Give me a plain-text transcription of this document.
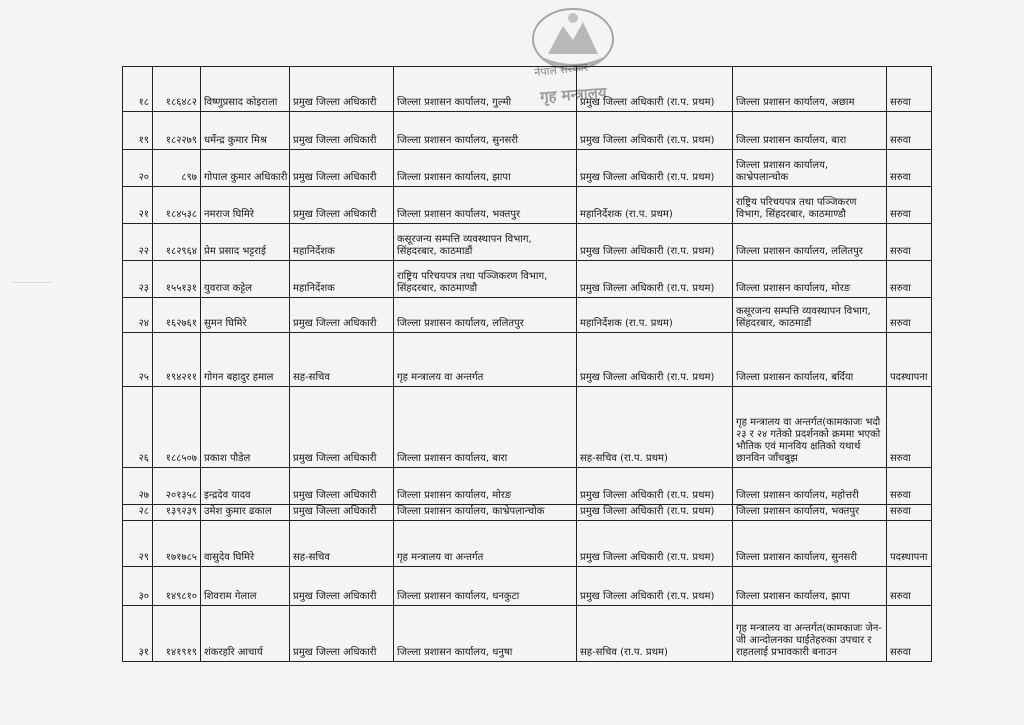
नेपाल सरकार
गृह मन्त्रालय
१८	१८६४८२	विष्णुप्रसाद कोइराला	प्रमुख जिल्ला अधिकारी	जिल्ला प्रशासन कार्यालय, गुल्मी	प्रमुख जिल्ला अधिकारी (रा.प. प्रथम)	जिल्ला प्रशासन कार्यालय, अछाम	सरुवा
१९	१८२२७९	धर्मेन्द्र कुमार मिश्र	प्रमुख जिल्ला अधिकारी	जिल्ला प्रशासन कार्यालय, सुनसरी	प्रमुख जिल्ला अधिकारी (रा.प. प्रथम)	जिल्ला प्रशासन कार्यालय, बारा	सरुवा
२०	८९७	गोपाल कुमार अधिकारी	प्रमुख जिल्ला अधिकारी	जिल्ला प्रशासन कार्यालय, झापा	प्रमुख जिल्ला अधिकारी (रा.प. प्रथम)	जिल्ला प्रशासन कार्यालय, काभ्रेपलान्चोक	सरुवा
२१	१८४५३८	नमराज घिमिरे	प्रमुख जिल्ला अधिकारी	जिल्ला प्रशासन कार्यालय, भक्तपुर	महानिर्देशक (रा.प. प्रथम)	राष्ट्रिय परिचयपत्र तथा पञ्जिकरण विभाग, सिंहदरबार, काठमाण्डौ	सरुवा
२२	१८२९६४	प्रेम प्रसाद भट्टराई	महानिर्देशक	कसूरजन्य सम्पत्ति व्यवस्थापन विभाग, सिंहदरबार, काठमाडौं	प्रमुख जिल्ला अधिकारी (रा.प. प्रथम)	जिल्ला प्रशासन कार्यालय, ललितपुर	सरुवा
२३	१५५१३१	युवराज कट्टेल	महानिर्देशक	राष्ट्रिय परिचयपत्र तथा पञ्जिकरण विभाग, सिंहदरबार, काठमाण्डौ	प्रमुख जिल्ला अधिकारी (रा.प. प्रथम)	जिल्ला प्रशासन कार्यालय, मोरङ	सरुवा
२४	१६२७६१	सुमन घिमिरे	प्रमुख जिल्ला अधिकारी	जिल्ला प्रशासन कार्यालय, ललितपुर	महानिर्देशक (रा.प. प्रथम)	कसूरजन्य सम्पत्ति व्यवस्थापन विभाग, सिंहदरबार, काठमाडौं	सरुवा
२५	१९४२११	गोगन बहादुर हमाल	सह-सचिव	गृह मन्त्रालय वा अन्तर्गत	प्रमुख जिल्ला अधिकारी (रा.प. प्रथम)	जिल्ला प्रशासन कार्यालय, बर्दिया	पदस्थापना
२६	१८८५०७	प्रकाश पौडेल	प्रमुख जिल्ला अधिकारी	जिल्ला प्रशासन कार्यालय, बारा	सह-सचिव (रा.प. प्रथम)	गृह मन्त्रालय वा अन्तर्गत(कामकाजः भदौ २३ र २४ गतेको प्रदर्शनको क्रममा भएको भौतिक एवं मानविय क्षतिको यथार्थ छानविन जाँचबुझ	सरुवा
२७	२०१३५८	इन्द्रदेव यादव	प्रमुख जिल्ला अधिकारी	जिल्ला प्रशासन कार्यालय, मोरङ	प्रमुख जिल्ला अधिकारी (रा.प. प्रथम)	जिल्ला प्रशासन कार्यालय, महोत्तरी	सरुवा
२८	१३९२३९	उमेश कुमार ढकाल	प्रमुख जिल्ला अधिकारी	जिल्ला प्रशासन कार्यालय, काभ्रेपलान्चोक	प्रमुख जिल्ला अधिकारी (रा.प. प्रथम)	जिल्ला प्रशासन कार्यालय, भक्तपुर	सरुवा
२९	१७१७८५	वासुदेव घिमिरे	सह-सचिव	गृह मन्त्रालय वा अन्तर्गत	प्रमुख जिल्ला अधिकारी (रा.प. प्रथम)	जिल्ला प्रशासन कार्यालय, सुनसरी	पदस्थापना
३०	१४९८१०	शिवराम गेलाल	प्रमुख जिल्ला अधिकारी	जिल्ला प्रशासन कार्यालय, धनकुटा	प्रमुख जिल्ला अधिकारी (रा.प. प्रथम)	जिल्ला प्रशासन कार्यालय, झापा	सरुवा
३१	१४१९१९	शंकरहरि आचार्य	प्रमुख जिल्ला अधिकारी	जिल्ला प्रशासन कार्यालय, धनुषा	सह-सचिव (रा.प. प्रथम)	गृह मन्त्रालय वा अन्तर्गत(कामकाजः जेन-जी आन्दोलनका घाईतेहरुका उपचार र राहतलाई प्रभावकारी बनाउन	सरुवा
